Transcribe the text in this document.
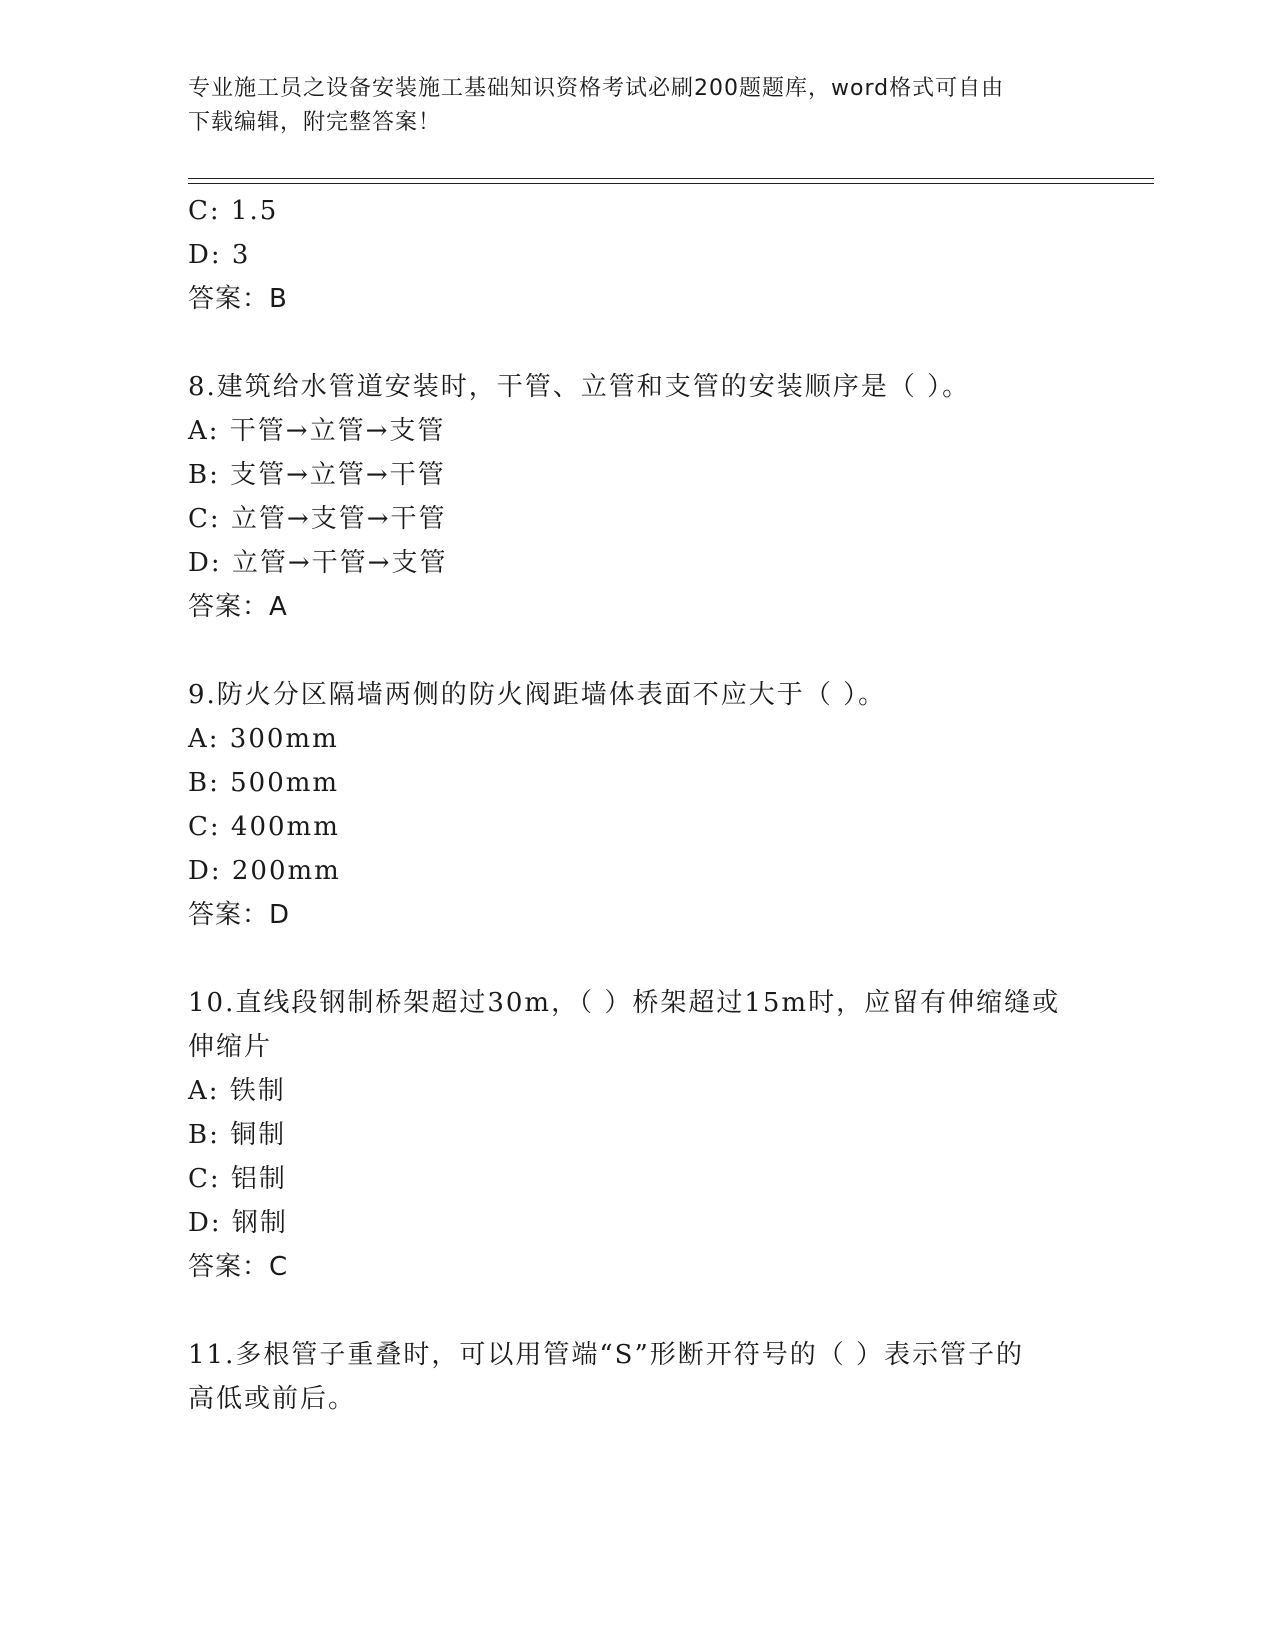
专业施工员之设备安装施工基础知识资格考试必刷200题题库，word格式可自由
下载编辑，附完整答案！
C: 1.5
D: 3
答案：B
8.建筑给水管道安装时，干管、立管和支管的安装顺序是（ ）。
A: 干管→立管→支管
B: 支管→立管→干管
C: 立管→支管→干管
D: 立管→干管→支管
答案：A
9.防火分区隔墙两侧的防火阀距墙体表面不应大于（ ）。
A: 300mm
B: 500mm
C: 400mm
D: 200mm
答案：D
10.直线段钢制桥架超过30m，（ ）桥架超过15m时，应留有伸缩缝或
伸缩片
A: 铁制
B: 铜制
C: 铝制
D: 钢制
答案：C
11.多根管子重叠时，可以用管端“S”形断开符号的（ ）表示管子的
高低或前后。
